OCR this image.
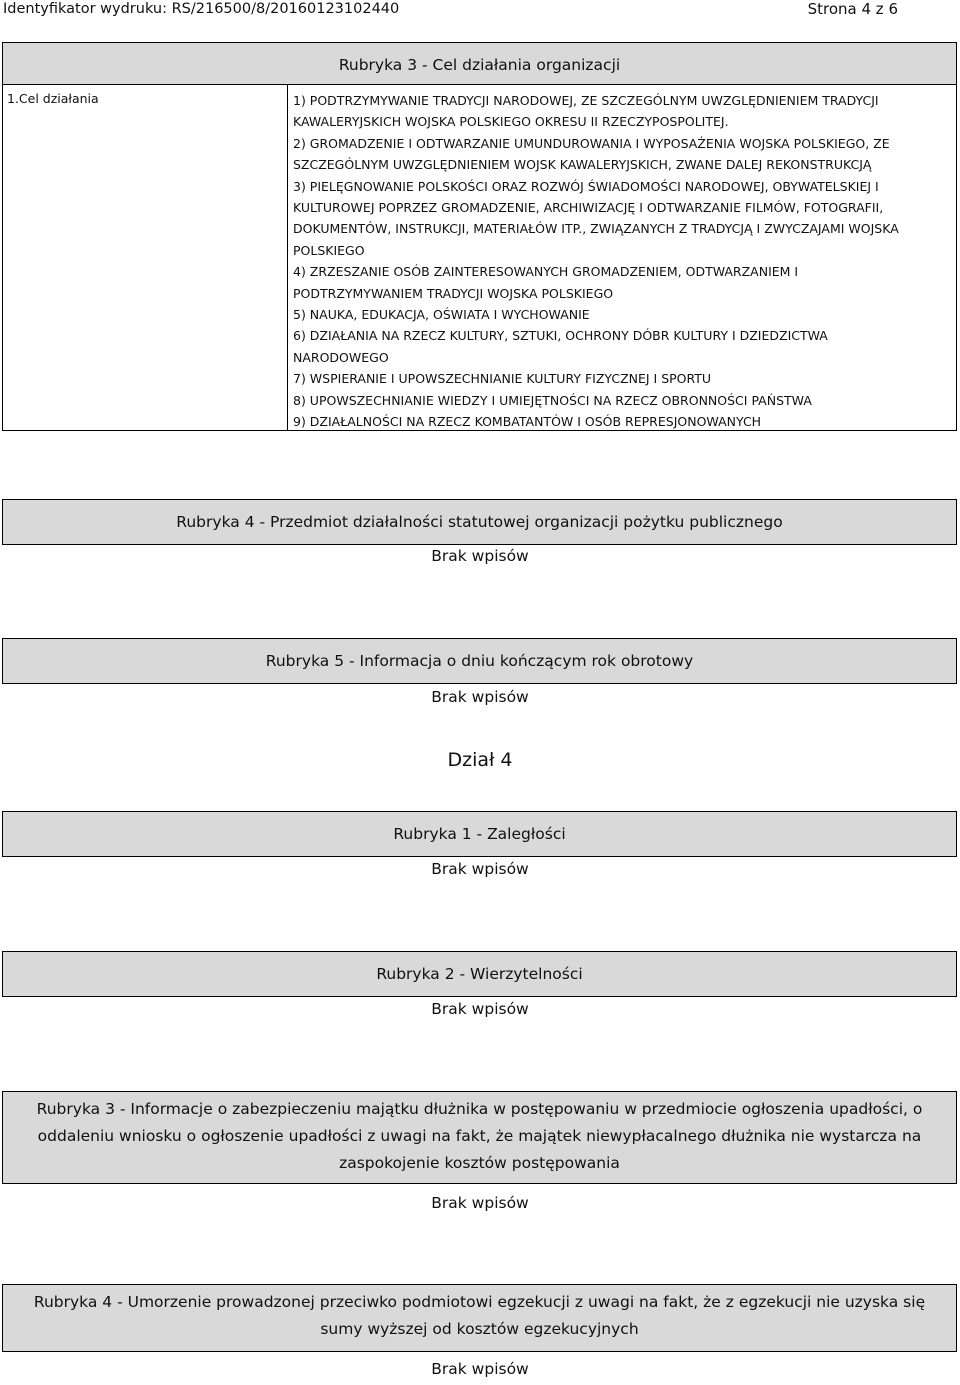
Identyfikator wydruku: RS/216500/8/20160123102440	Strona 4 z 6
Rubryka 3 - Cel działania organizacji
1.Cel działania	1) PODTRZYMYWANIE TRADYCJI NARODOWEJ, ZE SZCZEGÓLNYM UWZGLĘDNIENIEM TRADYCJI
KAWALERYJSKICH WOJSKA POLSKIEGO OKRESU II RZECZYPOSPOLITEJ.
2) GROMADZENIE I ODTWARZANIE UMUNDUROWANIA I WYPOSAŻENIA WOJSKA POLSKIEGO, ZE
SZCZEGÓLNYM UWZGLĘDNIENIEM WOJSK KAWALERYJSKICH, ZWANE DALEJ REKONSTRUKCJĄ
3) PIELĘGNOWANIE POLSKOŚCI ORAZ ROZWÓJ ŚWIADOMOŚCI NARODOWEJ, OBYWATELSKIEJ I
KULTUROWEJ POPRZEZ GROMADZENIE, ARCHIWIZACJĘ I ODTWARZANIE FILMÓW, FOTOGRAFII,
DOKUMENTÓW, INSTRUKCJI, MATERIAŁÓW ITP., ZWIĄZANYCH Z TRADYCJĄ I ZWYCZAJAMI WOJSKA
POLSKIEGO
4) ZRZESZANIE OSÓB ZAINTERESOWANYCH GROMADZENIEM, ODTWARZANIEM I
PODTRZYMYWANIEM TRADYCJI WOJSKA POLSKIEGO
5) NAUKA, EDUKACJA, OŚWIATA I WYCHOWANIE
6) DZIAŁANIA NA RZECZ KULTURY, SZTUKI, OCHRONY DÓBR KULTURY I DZIEDZICTWA
NARODOWEGO
7) WSPIERANIE I UPOWSZECHNIANIE KULTURY FIZYCZNEJ I SPORTU
8) UPOWSZECHNIANIE WIEDZY I UMIEJĘTNOŚCI NA RZECZ OBRONNOŚCI PAŃSTWA
9) DZIAŁALNOŚCI NA RZECZ KOMBATANTÓW I OSÓB REPRESJONOWANYCH
Rubryka 4 - Przedmiot działalności statutowej organizacji pożytku publicznego
Brak wpisów
Rubryka 5 - Informacja o dniu kończącym rok obrotowy
Brak wpisów
Dział 4
Rubryka 1 - Zaległości
Brak wpisów
Rubryka 2 - Wierzytelności
Brak wpisów
Rubryka 3 - Informacje o zabezpieczeniu majątku dłużnika w postępowaniu w przedmiocie ogłoszenia upadłości, o
oddaleniu wniosku o ogłoszenie upadłości z uwagi na fakt, że majątek niewypłacalnego dłużnika nie wystarcza na
zaspokojenie kosztów postępowania
Brak wpisów
Rubryka 4 - Umorzenie prowadzonej przeciwko podmiotowi egzekucji z uwagi na fakt, że z egzekucji nie uzyska się
sumy wyższej od kosztów egzekucyjnych
Brak wpisów
